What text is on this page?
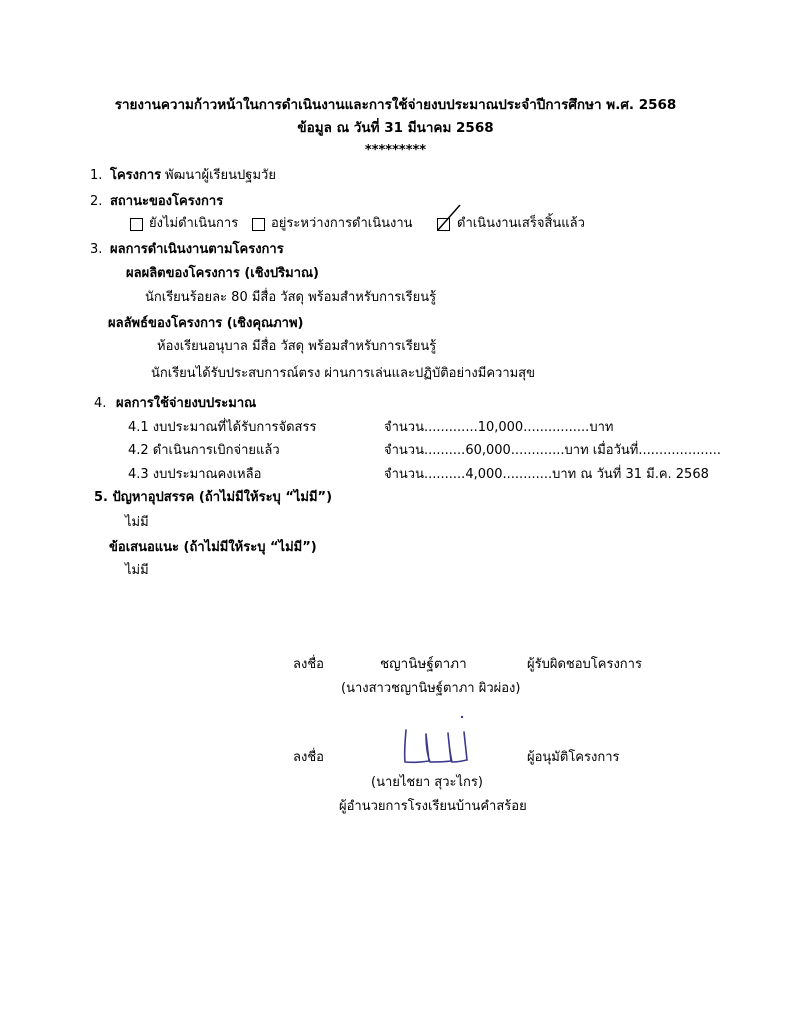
รายงานความก้าวหน้าในการดำเนินงานและการใช้จ่ายงบประมาณประจำปีการศึกษา พ.ศ. 2568
ข้อมูล ณ วันที่ 31 มีนาคม 2568
*********
1. โครงการ พัฒนาผู้เรียนปฐมวัย
2. สถานะของโครงการ
ยังไม่ดำเนินการ	อยู่ระหว่างการดำเนินงาน	ดำเนินงานเสร็จสิ้นแล้ว
3. ผลการดำเนินงานตามโครงการ
ผลผลิตของโครงการ (เชิงปริมาณ)
นักเรียนร้อยละ 80 มีสื่อ วัสดุ พร้อมสำหรับการเรียนรู้
ผลลัพธ์ของโครงการ (เชิงคุณภาพ)
ห้องเรียนอนุบาล มีสื่อ วัสดุ พร้อมสำหรับการเรียนรู้
นักเรียนได้รับประสบการณ์ตรง ผ่านการเล่นและปฏิบัติอย่างมีความสุข
4. ผลการใช้จ่ายงบประมาณ
4.1 งบประมาณที่ได้รับการจัดสรร	จำนวน.............10,000................บาท
4.2 ดำเนินการเบิกจ่ายแล้ว	จำนวน..........60,000.............บาท เมื่อวันที่....................
4.3 งบประมาณคงเหลือ	จำนวน..........4,000............บาท ณ วันที่ 31 มี.ค. 2568
5. ปัญหาอุปสรรค (ถ้าไม่มีให้ระบุ “ไม่มี”)
ไม่มี
ข้อเสนอแนะ (ถ้าไม่มีให้ระบุ “ไม่มี”)
ไม่มี
ลงชื่อ	ชญานิษฐ์ตาภา	ผู้รับผิดชอบโครงการ
(นางสาวชญานิษฐ์ตาภา ผิวผ่อง)
ลงชื่อ	ผู้อนุมัติโครงการ
(นายไชยา สุวะไกร)
ผู้อำนวยการโรงเรียนบ้านคำสร้อย
